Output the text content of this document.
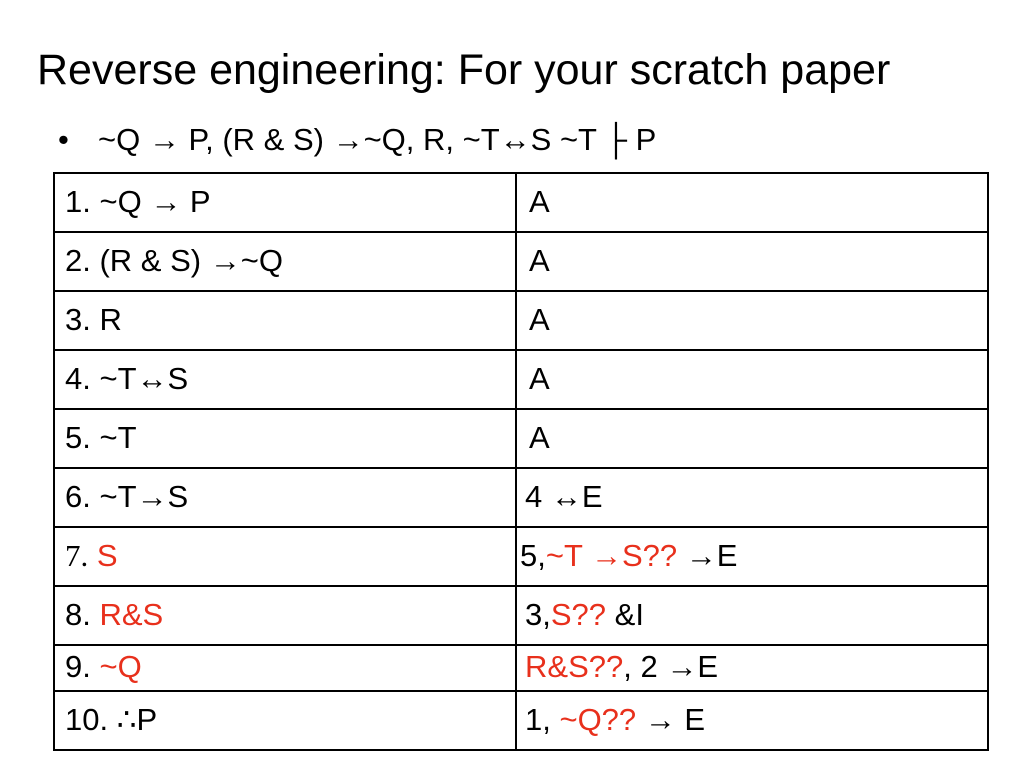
Reverse engineering: For your scratch paper
• ~Q → P, (R & S) →~Q, R, ~T↔S ~T ├ P
1. ~Q → P	A
2. (R & S) →~Q	A
3. R	A
4. ~T↔S	A
5. ~T	A
6. ~T→S	4 ↔E
7. S	5,~T →S?? →E
8. R&S	3,S?? &I
9. ~Q	R&S??, 2 →E
10. ∴P	1, ~Q?? → E
